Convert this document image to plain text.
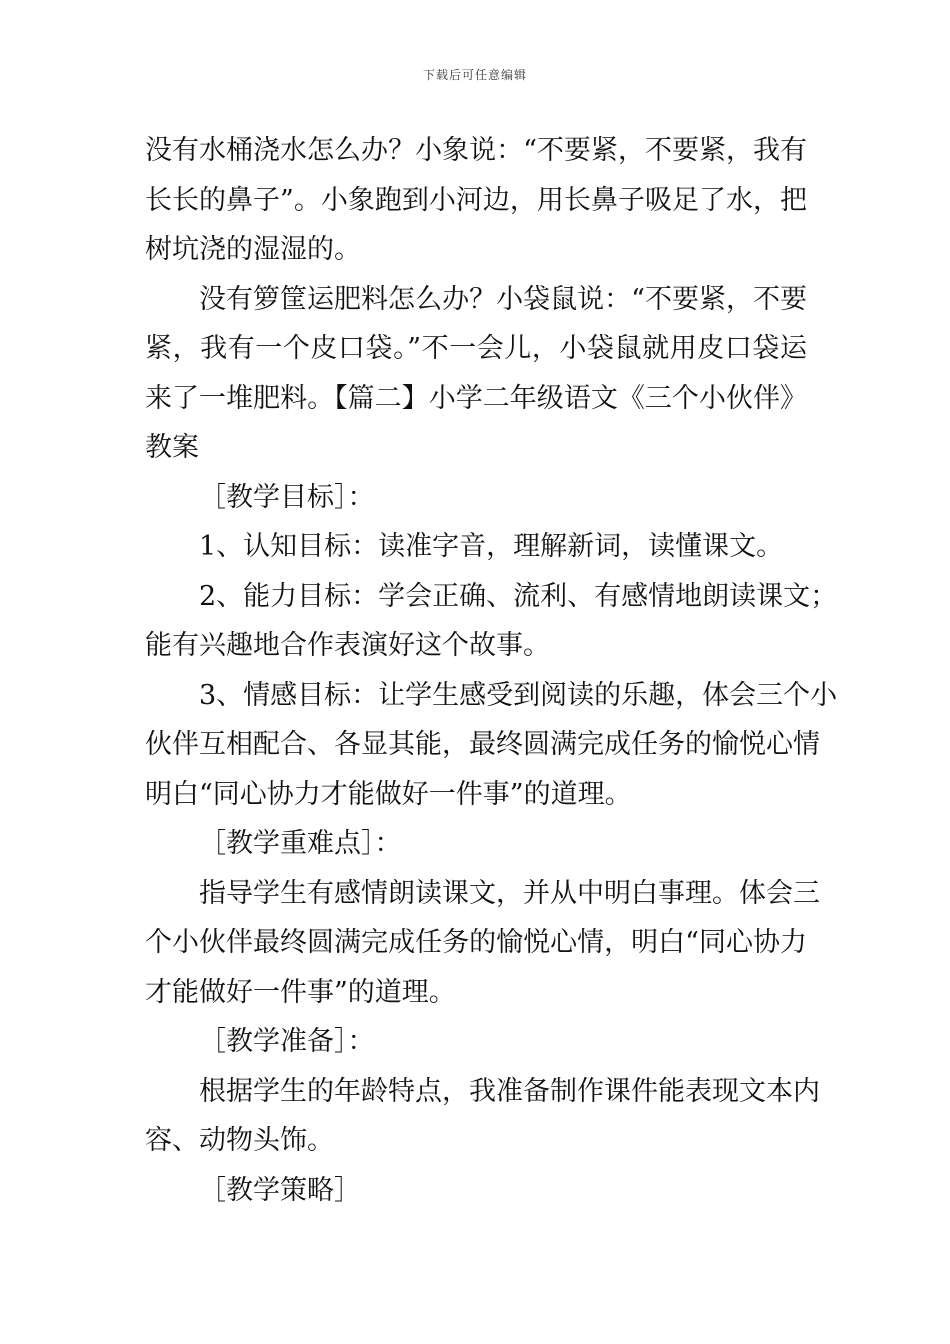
下载后可任意编辑
没有水桶浇水怎么办？小象说：“不要紧，不要紧，我有
长长的鼻子”。小象跑到小河边，用长鼻子吸足了水，把
树坑浇的湿湿的。
没有箩筐运肥料怎么办？小袋鼠说：“不要紧，不要
紧，我有一个皮口袋。”不一会儿，小袋鼠就用皮口袋运
来了一堆肥料。【篇二】小学二年级语文《三个小伙伴》
教案
［教学目标］：
1、认知目标：读准字音，理解新词，读懂课文。
2、能力目标：学会正确、流利、有感情地朗读课文；
能有兴趣地合作表演好这个故事。
3、情感目标：让学生感受到阅读的乐趣，体会三个小
伙伴互相配合、各显其能，最终圆满完成任务的愉悦心情
明白“同心协力才能做好一件事”的道理。
［教学重难点］：
指导学生有感情朗读课文，并从中明白事理。体会三
个小伙伴最终圆满完成任务的愉悦心情，明白“同心协力
才能做好一件事”的道理。
［教学准备］：
根据学生的年龄特点，我准备制作课件能表现文本内
容、动物头饰。
［教学策略］
